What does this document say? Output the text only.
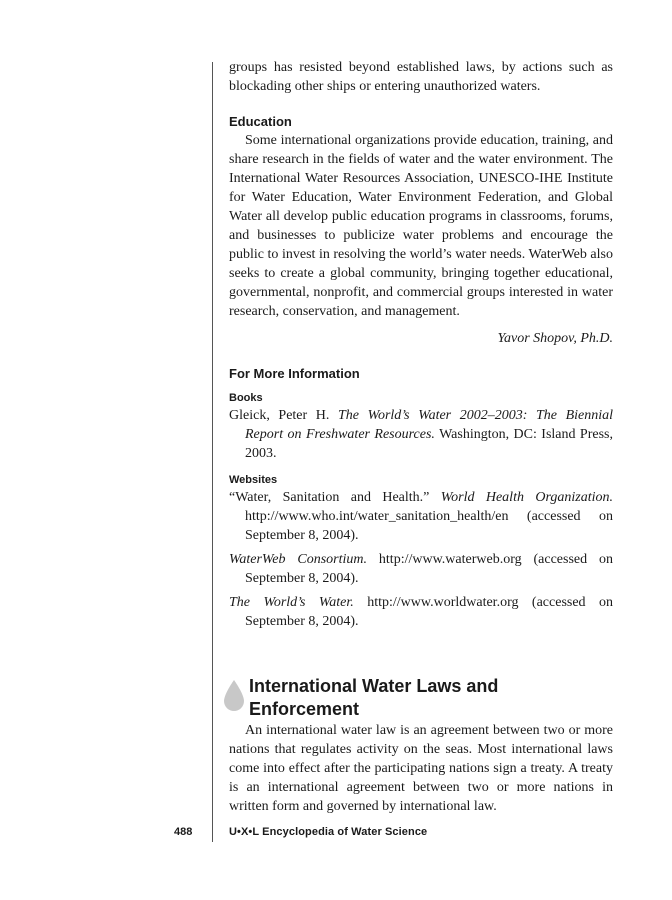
groups has resisted beyond established laws, by actions such as blockading other ships or entering unauthorized waters.

Education

Some international organizations provide education, training, and share research in the fields of water and the water environment. The International Water Resources Association, UNESCO-IHE Institute for Water Education, Water Environment Federation, and Global Water all develop public education programs in classrooms, forums, and businesses to publicize water problems and encourage the public to invest in resolving the world’s water needs. WaterWeb also seeks to create a global community, bringing together educational, governmental, nonprofit, and commercial groups interested in water research, conservation, and management.

Yavor Shopov, Ph.D.
For More Information
Books

Gleick, Peter H. The World’s Water 2002–2003: The Biennial Report on Freshwater Resources. Washington, DC: Island Press, 2003.

Websites

“Water, Sanitation and Health.” World Health Organization. http://www.who.int/water_sanitation_health/en (accessed on September 8, 2004).

WaterWeb Consortium. http://www.waterweb.org (accessed on September 8, 2004).

The World’s Water. http://www.worldwater.org (accessed on September 8, 2004).

International Water Laws and
Enforcement

An international water law is an agreement between two or more nations that regulates activity on the seas. Most international laws come into effect after the participating nations sign a treaty. A treaty is an international agreement between two or more nations in written form and governed by international law.

488	U•X•L Encyclopedia of Water Science
